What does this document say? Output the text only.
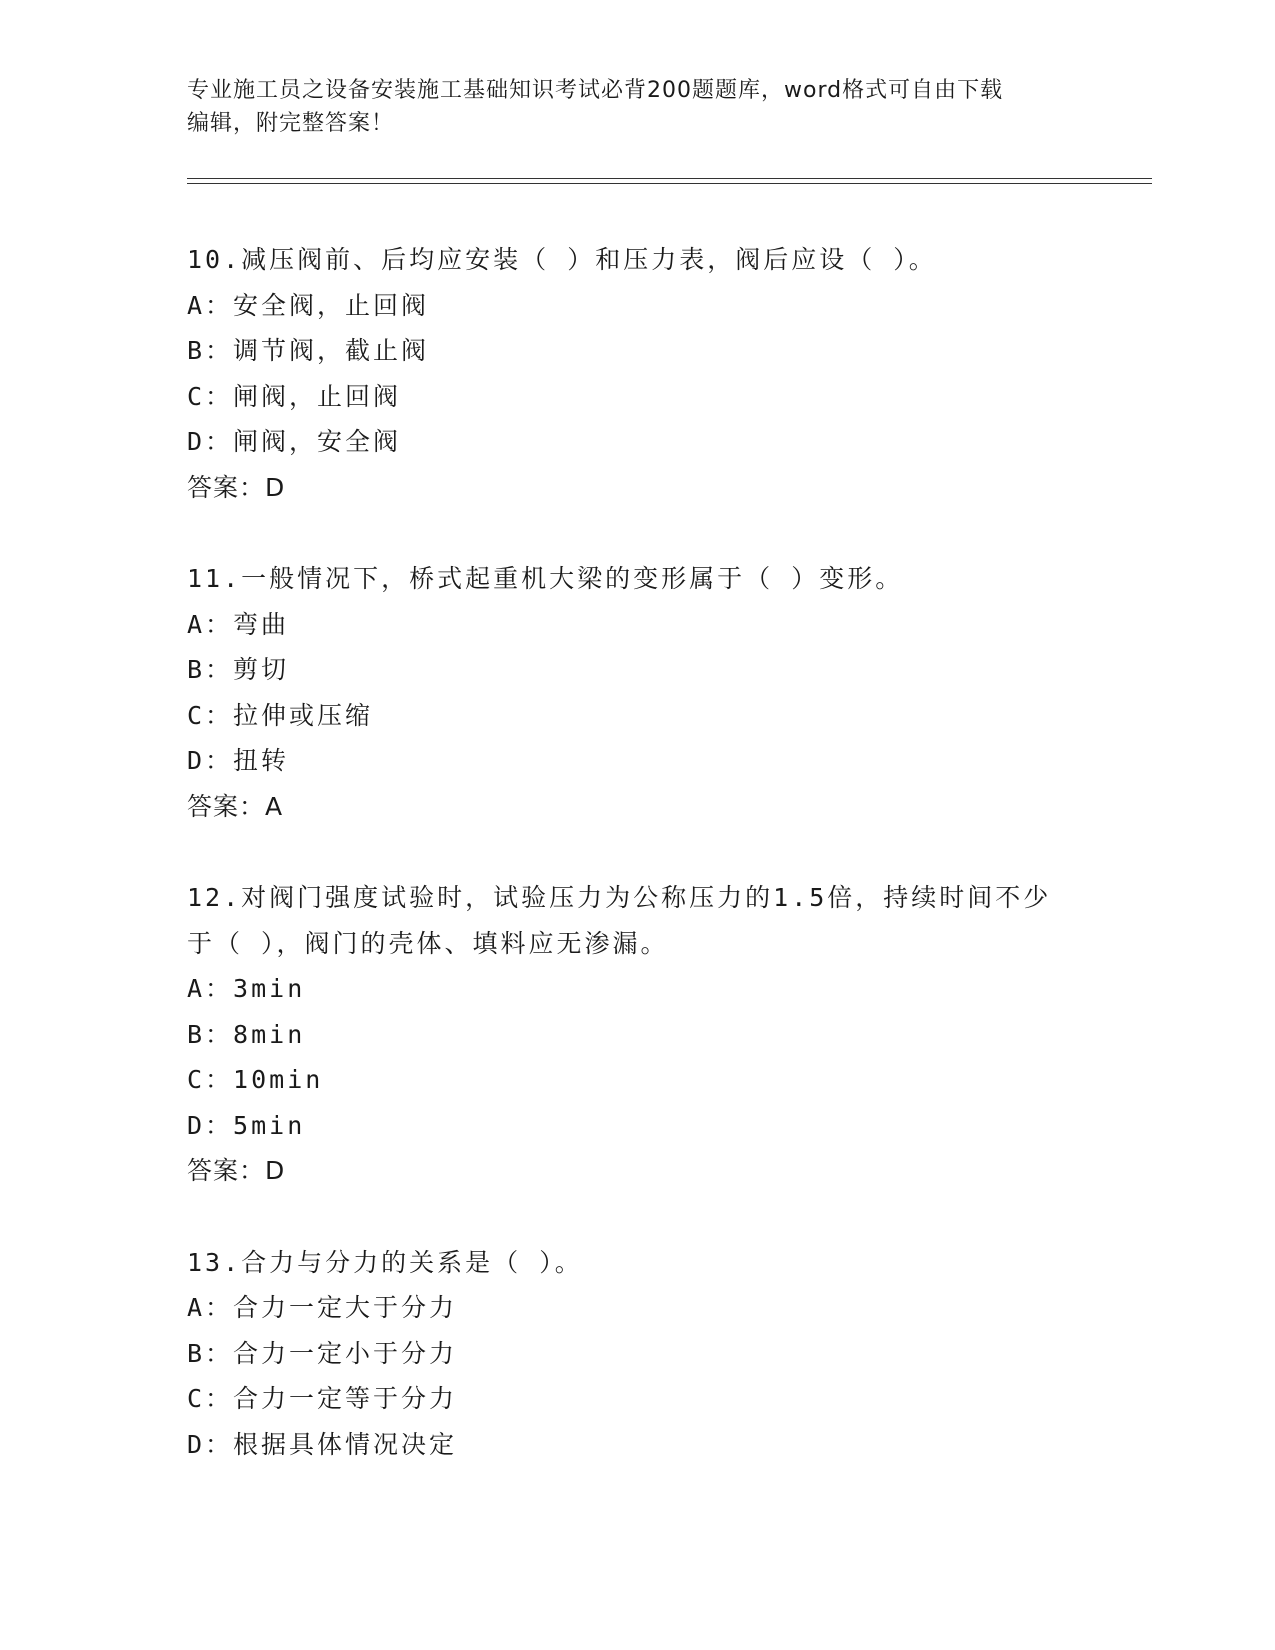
专业施工员之设备安装施工基础知识考试必背200题题库，word格式可自由下载
编辑，附完整答案！
10.减压阀前、后均应安装（ ）和压力表，阀后应设（ ）。
A：安全阀，止回阀
B：调节阀，截止阀
C：闸阀，止回阀
D：闸阀，安全阀
答案：D
11.一般情况下，桥式起重机大梁的变形属于（ ）变形。
A：弯曲
B：剪切
C：拉伸或压缩
D：扭转
答案：A
12.对阀门强度试验时，试验压力为公称压力的1.5倍，持续时间不少
于（ ），阀门的壳体、填料应无渗漏。
A：3min
B：8min
C：10min
D：5min
答案：D
13.合力与分力的关系是（ ）。
A：合力一定大于分力
B：合力一定小于分力
C：合力一定等于分力
D：根据具体情况决定
